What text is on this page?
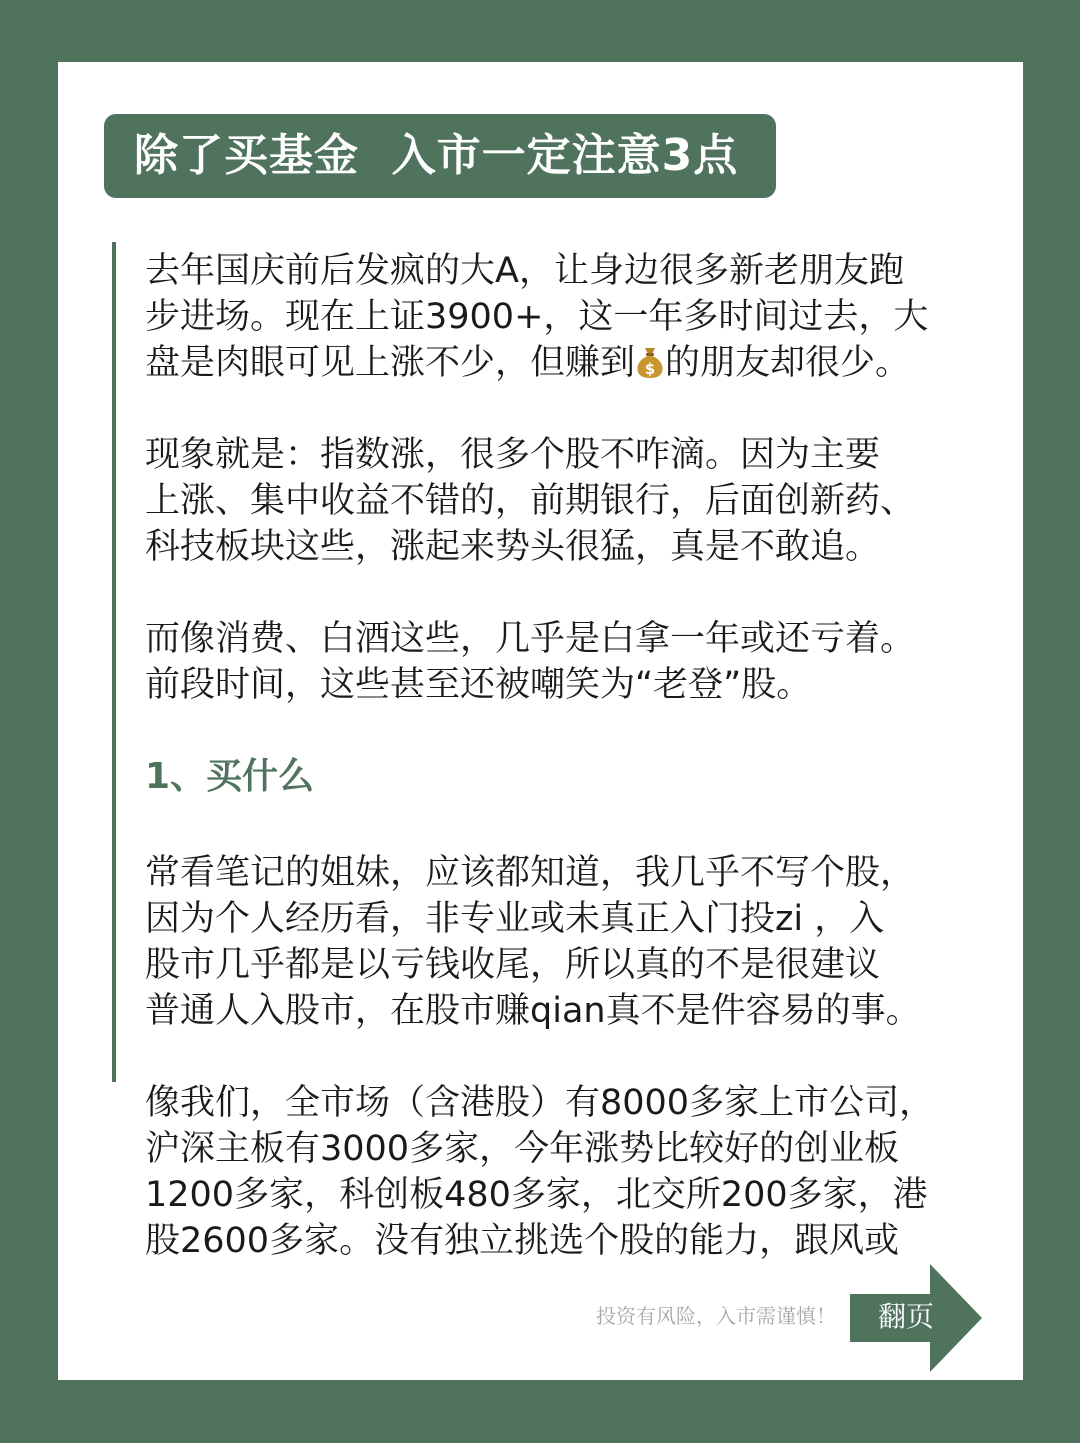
除了买基金  入市一定注意3点

去年国庆前后发疯的大A，让身边很多新老朋友跑
步进场。现在上证3900+，这一年多时间过去，大
盘是肉眼可见上涨不少，但赚到 $ 的朋友却很少。

现象就是：指数涨，很多个股不咋滴。因为主要
上涨、集中收益不错的，前期银行，后面创新药、
科技板块这些，涨起来势头很猛，真是不敢追。

而像消费、白酒这些，几乎是白拿一年或还亏着。
前段时间，这些甚至还被嘲笑为“老登”股。

1、买什么

常看笔记的姐妹，应该都知道，我几乎不写个股，
因为个人经历看，非专业或未真正入门投zi ，入
股市几乎都是以亏钱收尾，所以真的不是很建议
普通人入股市，在股市赚qian真不是件容易的事。

像我们，全市场（含港股）有8000多家上市公司，
沪深主板有3000多家，今年涨势比较好的创业板
1200多家，科创板480多家，北交所200多家，港
股2600多家。没有独立挑选个股的能力，跟风或

投资有风险，入市需谨慎！	翻页
